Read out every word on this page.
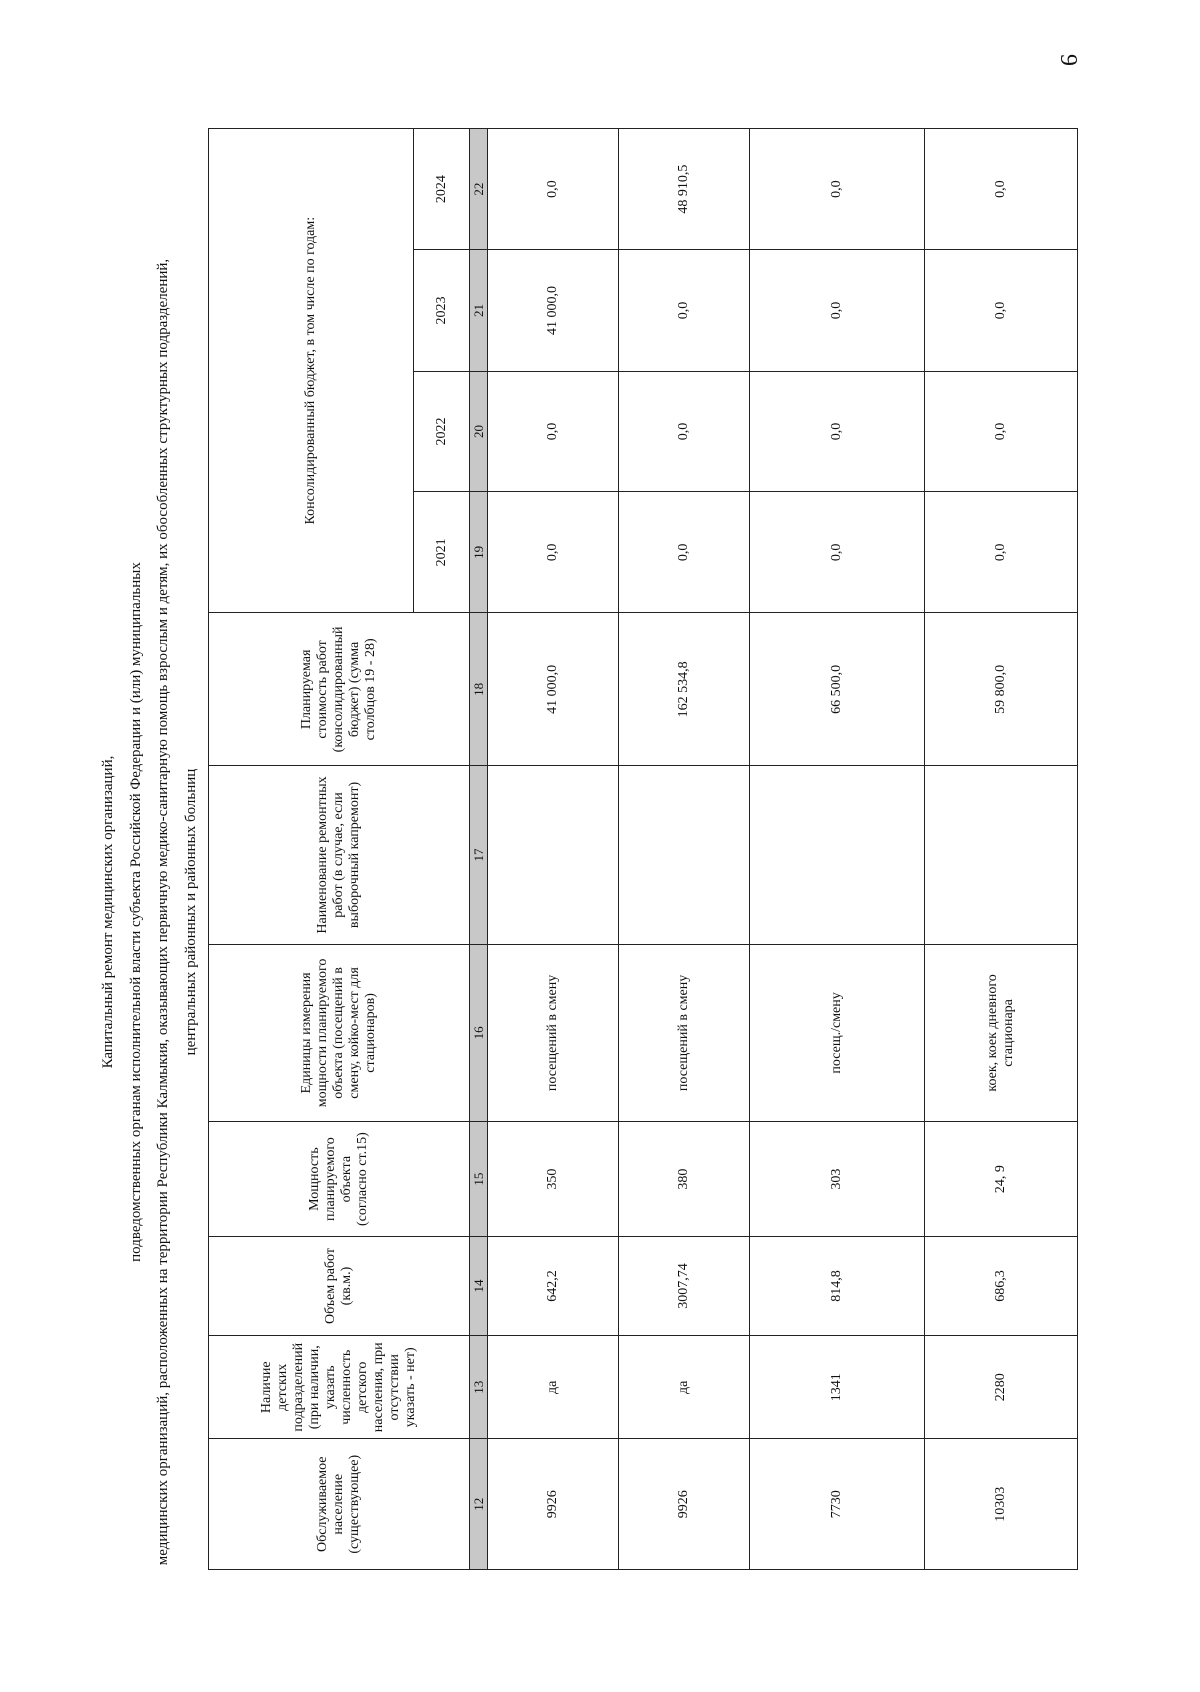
9
Капитальный ремонт медицинских организаций, подведомственных органам исполнительной власти субъекта Российской Федерации и (или) муниципальных медицинских организаций, расположенных на территории Республики Калмыкия, оказывающих первичную медико-санитарную помощь взрослым и детям, их обособленных структурных подразделений, центральных районных и районных больниц
Обслуживаемое население (существующее)	Наличие детских подразделений (при наличии, указать численность детского населения, при отсутствии указать - нет)	Объем работ (кв.м.)	Мощность планируемого объекта (согласно ст.15)	Единицы измерения мощности планируемого объекта (посещений в смену, койко-мест для стационаров)	Наименование ремонтных работ (в случае, если выборочный капремонт)	Планируемая стоимость работ (консолидированный бюджет) (сумма столбцов 19 - 28)	Консолидированный бюджет, в том числе по годам:			
							2021	2022	2023	2024
12	13	14	15	16	17	18	19	20	21	22
9926	да	642,2	350	посещений в смену		41 000,0	0,0	0,0	41 000,0	0,0
9926	да	3007,74	380	посещений в смену		162 534,8	0,0	0,0	0,0	48 910,5
7730	1341	814,8	303	посещ./смену		66 500,0	0,0	0,0	0,0	0,0
10303	2280	686,3	24, 9	коек, коек дневного стационара		59 800,0	0,0	0,0	0,0	0,0
